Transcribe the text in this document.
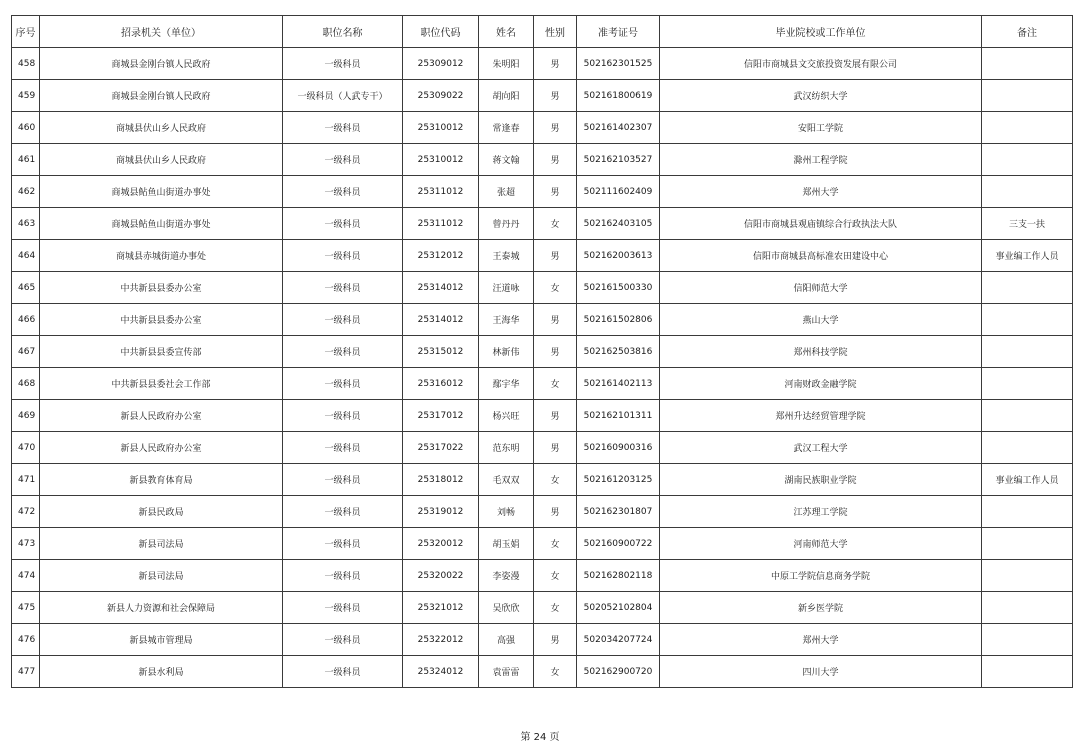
序号	招录机关（单位）	职位名称	职位代码	姓名	性别	准考证号	毕业院校或工作单位	备注
458	商城县金刚台镇人民政府	一级科员	25309012	朱明阳	男	502162301525	信阳市商城县文交旅投资发展有限公司	
459	商城县金刚台镇人民政府	一级科员（人武专干）	25309022	胡向阳	男	502161800619	武汉纺织大学	
460	商城县伏山乡人民政府	一级科员	25310012	常逢春	男	502161402307	安阳工学院	
461	商城县伏山乡人民政府	一级科员	25310012	蒋文翰	男	502162103527	滁州工程学院	
462	商城县鲇鱼山街道办事处	一级科员	25311012	张超	男	502111602409	郑州大学	
463	商城县鲇鱼山街道办事处	一级科员	25311012	曾丹丹	女	502162403105	信阳市商城县观庙镇综合行政执法大队	三支一扶
464	商城县赤城街道办事处	一级科员	25312012	王泰城	男	502162003613	信阳市商城县高标准农田建设中心	事业编工作人员
465	中共新县县委办公室	一级科员	25314012	汪道咏	女	502161500330	信阳师范大学	
466	中共新县县委办公室	一级科员	25314012	王海华	男	502161502806	燕山大学	
467	中共新县县委宣传部	一级科员	25315012	林新伟	男	502162503816	郑州科技学院	
468	中共新县县委社会工作部	一级科员	25316012	鄢宇华	女	502161402113	河南财政金融学院	
469	新县人民政府办公室	一级科员	25317012	杨兴旺	男	502162101311	郑州升达经贸管理学院	
470	新县人民政府办公室	一级科员	25317022	范东明	男	502160900316	武汉工程大学	
471	新县教育体育局	一级科员	25318012	毛双双	女	502161203125	湖南民族职业学院	事业编工作人员
472	新县民政局	一级科员	25319012	刘畅	男	502162301807	江苏理工学院	
473	新县司法局	一级科员	25320012	胡玉娟	女	502160900722	河南师范大学	
474	新县司法局	一级科员	25320022	李姿漫	女	502162802118	中原工学院信息商务学院	
475	新县人力资源和社会保障局	一级科员	25321012	吴欣欣	女	502052102804	新乡医学院	
476	新县城市管理局	一级科员	25322012	高强	男	502034207724	郑州大学	
477	新县水利局	一级科员	25324012	袁雷雷	女	502162900720	四川大学	
第 24 页
